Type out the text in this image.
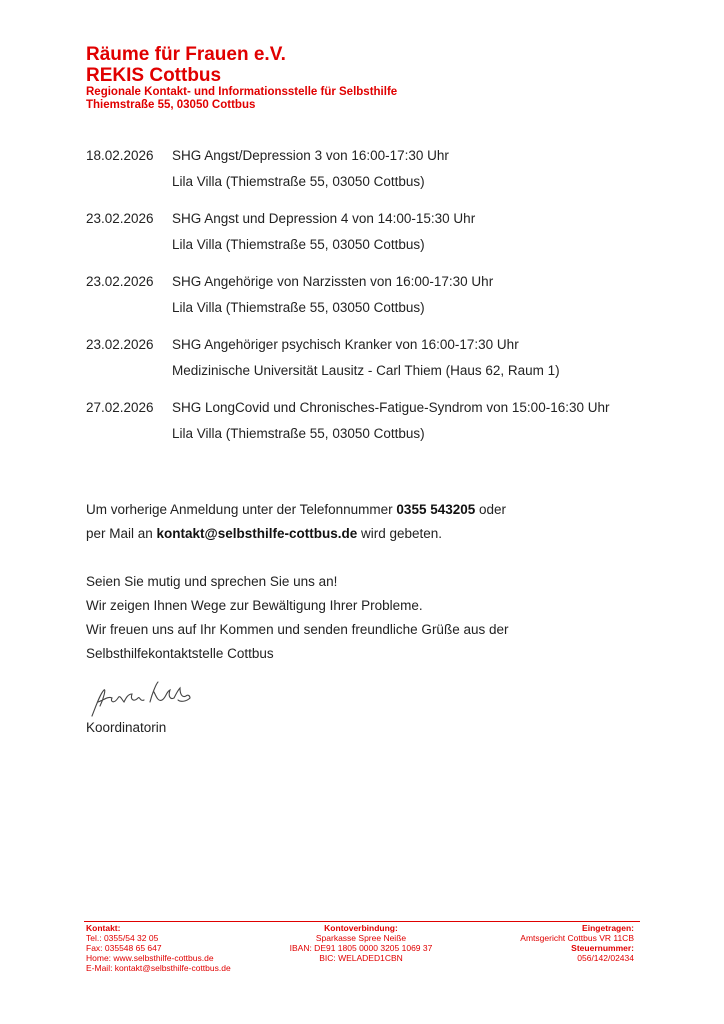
Räume für Frauen e.V.
REKIS Cottbus
Regionale Kontakt- und Informationsstelle für Selbsthilfe
Thiemstraße 55, 03050 Cottbus
18.02.2026 SHG Angst/Depression 3 von 16:00-17:30 Uhr
Lila Villa (Thiemstraße 55, 03050 Cottbus)
23.02.2026 SHG Angst und Depression 4 von 14:00-15:30 Uhr
Lila Villa (Thiemstraße 55, 03050 Cottbus)
23.02.2026 SHG Angehörige von Narzissten von 16:00-17:30 Uhr
Lila Villa (Thiemstraße 55, 03050 Cottbus)
23.02.2026 SHG Angehöriger psychisch Kranker von 16:00-17:30 Uhr
Medizinische Universität Lausitz - Carl Thiem (Haus 62, Raum 1)
27.02.2026 SHG LongCovid und Chronisches-Fatigue-Syndrom von 15:00-16:30 Uhr
Lila Villa (Thiemstraße 55, 03050 Cottbus)
Um vorherige Anmeldung unter der Telefonnummer 0355 543205 oder
per Mail an kontakt@selbsthilfe-cottbus.de wird gebeten.
Seien Sie mutig und sprechen Sie uns an!
Wir zeigen Ihnen Wege zur Bewältigung Ihrer Probleme.
Wir freuen uns auf Ihr Kommen und senden freundliche Grüße aus der
Selbsthilfekontaktstelle Cottbus
Koordinatorin
Kontakt:
Tel.: 0355/54 32 05
Fax: 035548 65 647
Home: www.selbsthilfe-cottbus.de
E-Mail: kontakt@selbsthilfe-cottbus.de
Kontoverbindung:
Sparkasse Spree Neiße
IBAN: DE91 1805 0000 3205 1069 37
BIC: WELADED1CBN
Eingetragen:
Amtsgericht Cottbus VR 11CB
Steuernummer:
056/142/02434
